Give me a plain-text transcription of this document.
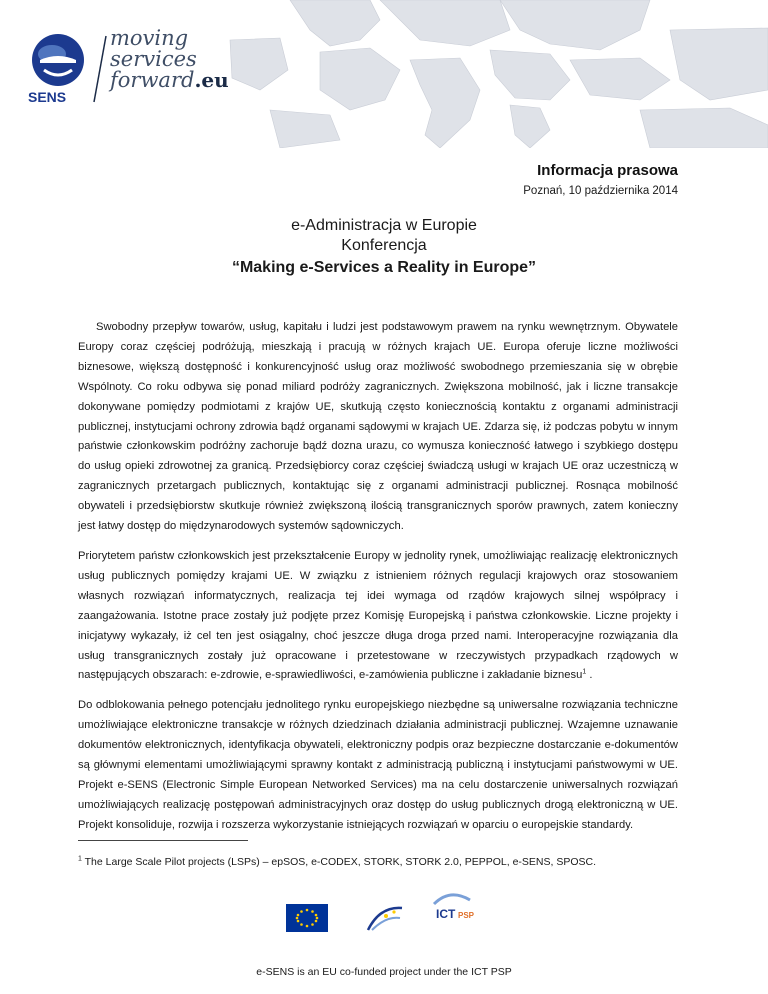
SENS
moving
services
forward.eu
Informacja prasowa
Poznań, 10 października 2014
e-Administracja w Europie
Konferencja
“Making e-Services a Reality in Europe”

Swobodny przepływ towarów, usług, kapitału i ludzi jest podstawowym prawem na rynku wewnętrznym. Obywatele Europy coraz częściej podróżują, mieszkają i pracują w różnych krajach UE. Europa oferuje liczne możliwości biznesowe, większą dostępność i konkurencyjność usług oraz możliwość swobodnego przemieszania się w obrębie Wspólnoty. Co roku odbywa się ponad miliard podróży zagranicznych. Zwiększona mobilność, jak i liczne transakcje dokonywane pomiędzy podmiotami z krajów UE, skutkują często koniecznością kontaktu z organami administracji publicznej, instytucjami ochrony zdrowia bądź organami sądowymi w krajach UE. Zdarza się, iż podczas pobytu w innym państwie członkowskim podróżny zachoruje bądź dozna urazu, co wymusza konieczność łatwego i szybkiego dostępu do usług opieki zdrowotnej za granicą. Przedsiębiorcy coraz częściej świadczą usługi w krajach UE oraz uczestniczą w zagranicznych przetargach publicznych, kontaktując się z organami administracji publicznej. Rosnąca mobilność obywateli i przedsiębiorstw skutkuje również zwiększoną ilością transgranicznych sporów prawnych, zatem konieczny jest łatwy dostęp do międzynarodowych systemów sądowniczych.

Priorytetem państw członkowskich jest przekształcenie Europy w jednolity rynek, umożliwiając realizację elektronicznych usług publicznych pomiędzy krajami UE. W związku z istnieniem różnych regulacji krajowych oraz stosowaniem własnych rozwiązań informatycznych, realizacja tej idei wymaga od rządów krajowych silnej współpracy i zaangażowania. Istotne prace zostały już podjęte przez Komisję Europejską i państwa członkowskie. Liczne projekty i inicjatywy wykazały, iż cel ten jest osiągalny, choć jeszcze długa droga przed nami. Interoperacyjne rozwiązania dla usług transgranicznych zostały już opracowane i przetestowane w rzeczywistych przypadkach rządowych w następujących obszarach: e-zdrowie, e-sprawiedliwości, e-zamówienia publiczne i zakładanie biznesu$^1$ .

Do odblokowania pełnego potencjału jednolitego rynku europejskiego niezbędne są uniwersalne rozwiązania techniczne umożliwiające elektroniczne transakcje w różnych dziedzinach działania administracji publicznej. Wzajemne uznawanie dokumentów elektronicznych, identyfikacja obywateli, elektroniczny podpis oraz bezpieczne dostarczanie e-dokumentów są głównymi elementami umożliwiającymi sprawny kontakt z administracją publiczną i instytucjami państwowymi w UE. Projekt e-SENS (Electronic Simple European Networked Services) ma na celu dostarczenie uniwersalnych rozwiązań umożliwiających realizację postępowań administracyjnych oraz dostęp do usług publicznych drogą elektroniczną w UE. Projekt konsoliduje, rozwija i rozszerza wykorzystanie istniejących rozwiązań w oparciu o europejskie standardy.

$^1$ The Large Scale Pilot projects (LSPs) – epSOS, e-CODEX, STORK, STORK 2.0, PEPPOL, e-SENS, SPOSC.
ICT PSP
e-SENS is an EU co-funded project under the ICT PSP
